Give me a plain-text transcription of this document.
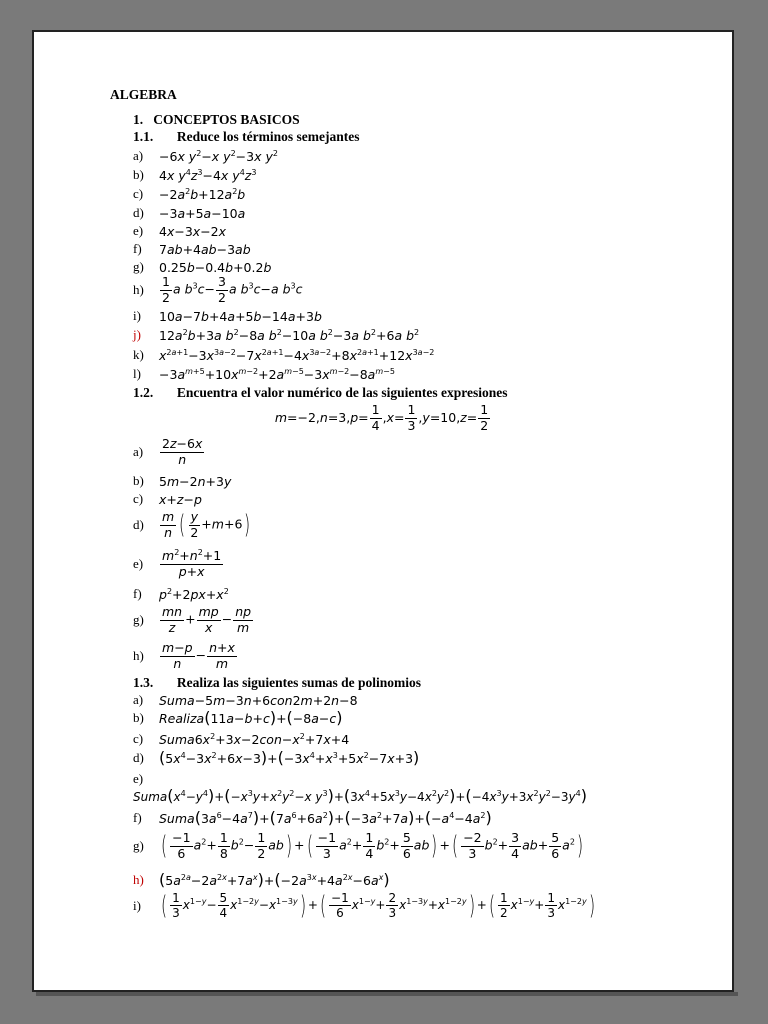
ALGEBRA
1.   CONCEPTOS BASICOS
1.1.       Reduce los términos semejantes
a)	−6x $y^2-x$ $y^2-3x$ $y^2$
b)	4x $y^4z^3-4x$ $y^4z^3$
c)	$-2a^2b+12a^2b$
d)	−3a+5a−10a
e)	4x−3x−2x
f)	7ab+4ab−3ab
g)	0.25b−0.4b+0.2b
h)	$\frac{1}{2}$ a $b^3c- \frac{3}{2}$ a $b^3c-a$ $b^3c$
i)	10a−7b+4a+5b−14a+3b
j)	$12a^2b+3a$ $b^2-8a$ $b^2-10a$ $b^2-3a$ $b^2+6a$ $b^2$
k)	$x^{2a+1}-3x^{3a-2}-7x^{2a+1}-4x^{3a-2}+8x^{2a+1}+12x^{3a-2}$
l)	$-3a^{m+5}+10x^{m-2}+2a^{m-5}-3x^{m-2}-8a^{m-5}$
1.2.       Encuentra el valor numérico de las siguientes expresiones
$m=-2,n=3,p= \frac{1}{4} ,x= \frac{1}{3} ,y=10,z= \frac{1}{2}$
a)	$\frac{2z-6x}{n}$
b)	5m−2n+3y
c)	x+z−p
d)	$\frac{m}{n}$ ( $\frac{y}{2} +m+6$)
e)	$\frac{m^2+n^2+1}{p+x}$
f)	$p^2+2px+x^2$
g)	$\frac{mn}{z} + \frac{mp}{x} - \frac{np}{m}$
h)	$\frac{m-p}{n} - \frac{n+x}{m}$
1.3.       Realiza las siguientes sumas de polinomios
a)	Suma−5m−3n+6con2m+2n−8
b)	Realiza(11a−b+c)+(−8a−c)
c)	$Suma6x^2+3x-2con-x^2+7x+4$
d) $(5x^4-3x^2+6x-3)+(-3x^4+x^3+5x^2-7x+3)$
e)
$Suma(x^4-y^4)+(-x^3y+x^2y^2-x$ $y^3)+(3x^4+5x^3y-4x^2y^2)+(-4x^3y+3x^2y^2-3y^4)$
f)	$Suma(3a^6-4a^7)+(7a^6+6a^2)+(-3a^2+7a)+(-a^4-4a^2)$
g) ( $\frac{-1}{6} a^2+ \frac{1}{8} b^2- \frac{1}{2} ab$) +( $\frac{-1}{3} a^2+ \frac{1}{4} b^2+ \frac{5}{6} ab$) +( $\frac{-2}{3} b^2+ \frac{3}{4} ab+ \frac{5}{6} a^2$)
h) $(5a^{2a}-2a^{2x}+7a^x)+(-2a^{3x}+4a^{2x}-6a^x)$
i) ( $\frac{1}{3} x^{1-y}- \frac{5}{4} x^{1-2y}-x^{1-3y}$) +( $\frac{-1}{6} x^{1-y}+ \frac{2}{3} x^{1-3y}+x^{1-2y}$) +( $\frac{1}{2} x^{1-y}+ \frac{1}{3} x^{1-2y}$)
